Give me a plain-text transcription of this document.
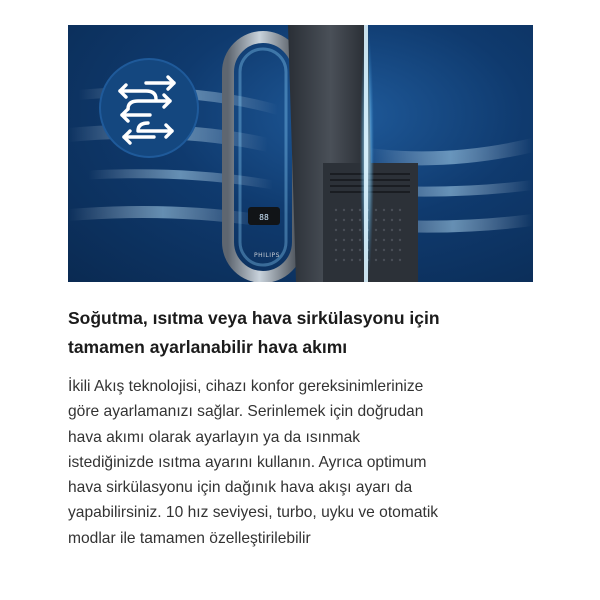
88
PHILIPS
Soğutma, ısıtma veya hava sirkülasyonu için
tamamen ayarlanabilir hava akımı

İkili Akış teknolojisi, cihazı konfor gereksinimlerinize
göre ayarlamanızı sağlar. Serinlemek için doğrudan
hava akımı olarak ayarlayın ya da ısınmak
istediğinizde ısıtma ayarını kullanın. Ayrıca optimum
hava sirkülasyonu için dağınık hava akışı ayarı da
yapabilirsiniz. 10 hız seviyesi, turbo, uyku ve otomatik
modlar ile tamamen özelleştirilebilir
